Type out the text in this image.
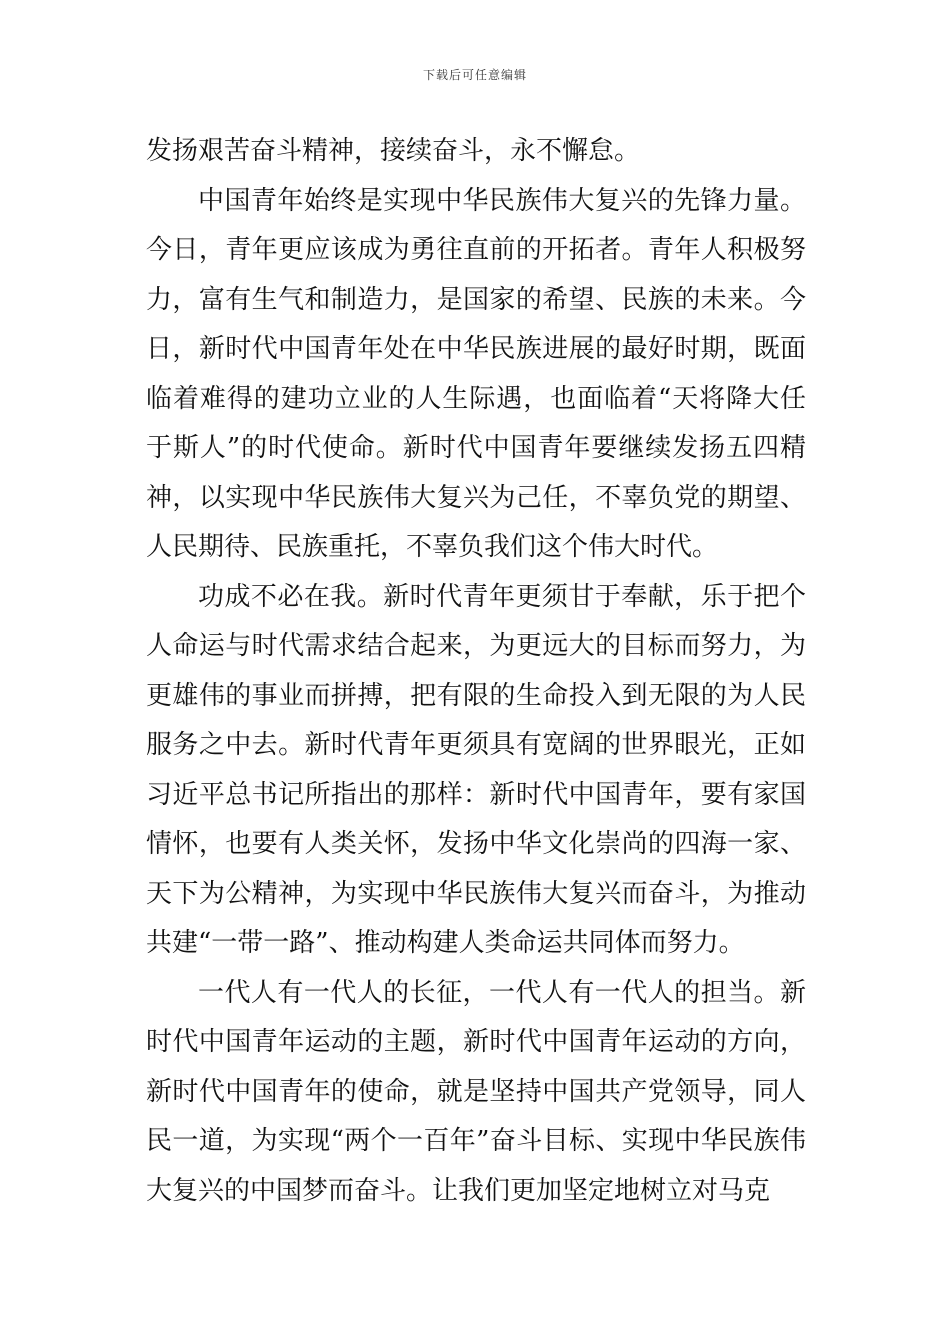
下载后可任意编辑

发扬艰苦奋斗精神，接续奋斗，永不懈怠。

中国青年始终是实现中华民族伟大复兴的先锋力量。今日，青年更应该成为勇往直前的开拓者。青年人积极努力，富有生气和制造力，是国家的希望、民族的未来。今日，新时代中国青年处在中华民族进展的最好时期，既面临着难得的建功立业的人生际遇，也面临着“天将降大任于斯人”的时代使命。新时代中国青年要继续发扬五四精神，以实现中华民族伟大复兴为己任，不辜负党的期望、人民期待、民族重托，不辜负我们这个伟大时代。

功成不必在我。新时代青年更须甘于奉献，乐于把个人命运与时代需求结合起来，为更远大的目标而努力，为更雄伟的事业而拼搏，把有限的生命投入到无限的为人民服务之中去。新时代青年更须具有宽阔的世界眼光，正如习近平总书记所指出的那样：新时代中国青年，要有家国情怀，也要有人类关怀，发扬中华文化崇尚的四海一家、天下为公精神，为实现中华民族伟大复兴而奋斗，为推动共建“一带一路”、推动构建人类命运共同体而努力。

一代人有一代人的长征，一代人有一代人的担当。新时代中国青年运动的主题，新时代中国青年运动的方向，新时代中国青年的使命，就是坚持中国共产党领导，同人民一道，为实现“两个一百年”奋斗目标、实现中华民族伟大复兴的中国梦而奋斗。让我们更加坚定地树立对马克
